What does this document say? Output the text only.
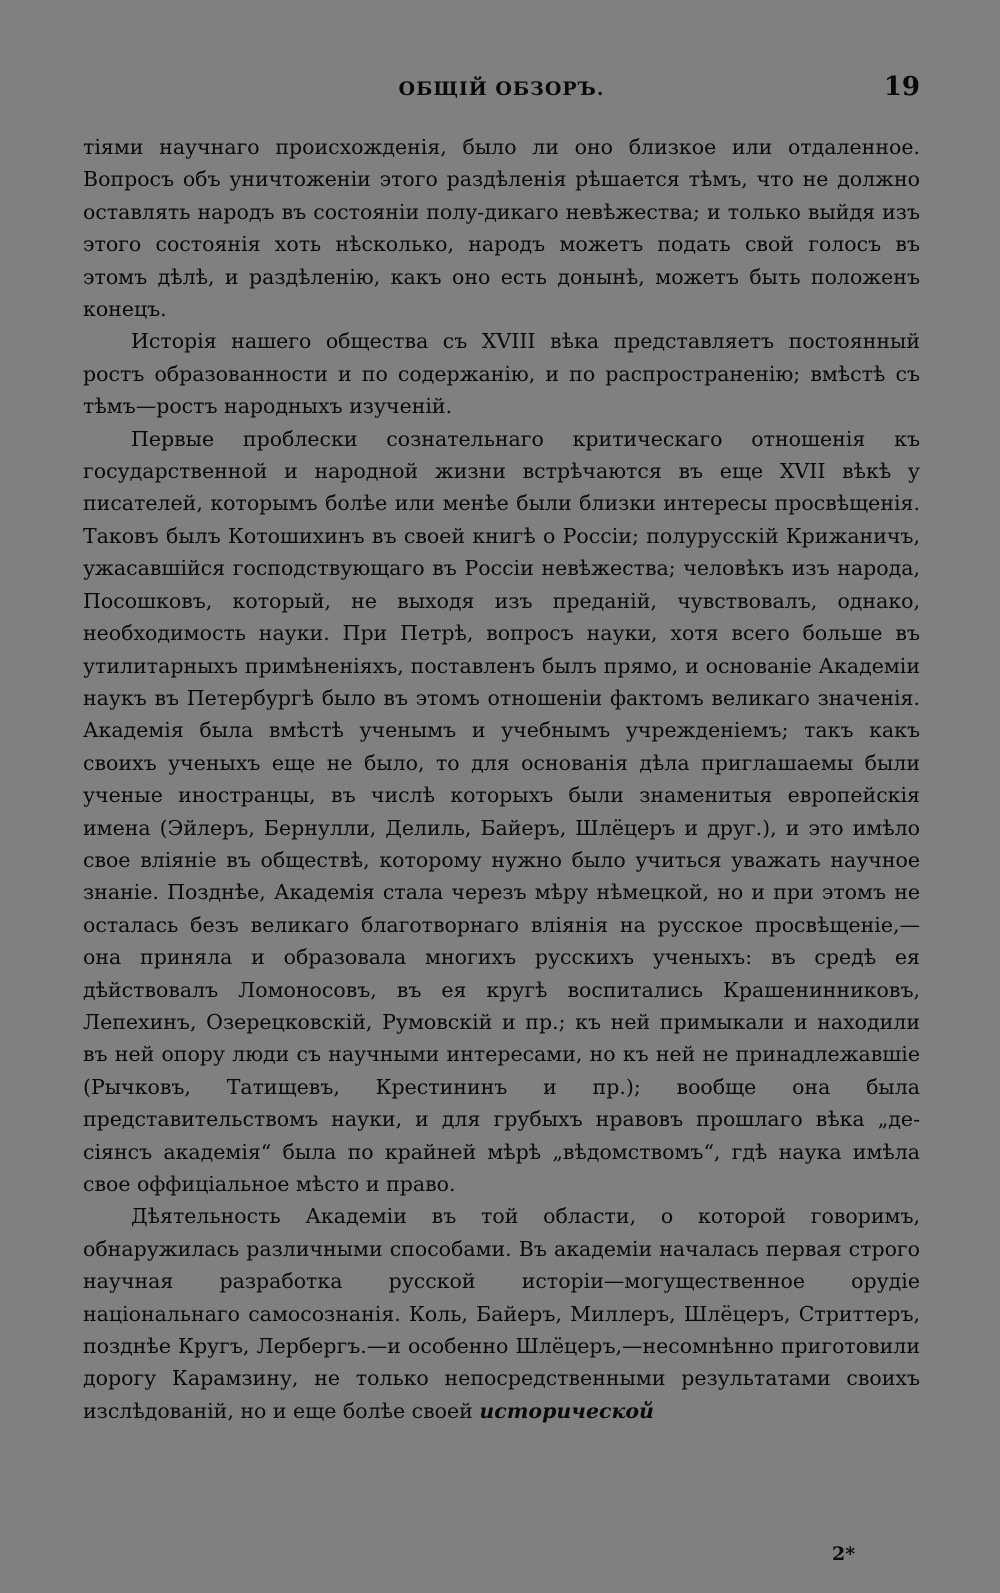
ОБЩІЙ ОБЗОРЪ.	19

тіями научнаго происхожденія, было ли оно близкое или отдаленное. Вопросъ объ уничтоженіи этого раздѣленія рѣшается тѣмъ, что не должно оставлять народъ въ состояніи полу-дикаго невѣжества; и только выйдя изъ этого состоянія хоть нѣсколько, народъ можетъ подать свой голосъ въ этомъ дѣлѣ, и раздѣленію, какъ оно есть донынѣ, можетъ быть положенъ конецъ.

Исторія нашего общества съ XVIII вѣка представляетъ постоянный ростъ образованности и по содержанію, и по распространенію; вмѣстѣ съ тѣмъ—ростъ народныхъ изученій.

Первые проблески сознательнаго критическаго отношенія къ государственной и народной жизни встрѣчаются въ еще XVII вѣкѣ у писателей, которымъ болѣе или менѣе были близки интересы просвѣщенія. Таковъ былъ Котошихинъ въ своей книгѣ о Россіи; полурусскій Крижаничъ, ужасавшійся господствующаго въ Россіи невѣжества; человѣкъ изъ народа, Посошковъ, который, не выходя изъ преданій, чувствовалъ, однако, необходимость науки. При Петрѣ, вопросъ науки, хотя всего больше въ утилитарныхъ примѣненіяхъ, поставленъ былъ прямо, и основаніе Академіи наукъ въ Петербургѣ было въ этомъ отношеніи фактомъ великаго значенія. Академія была вмѣстѣ ученымъ и учебнымъ учрежденіемъ; такъ какъ своихъ ученыхъ еще не было, то для основанія дѣла приглашаемы были ученые иностранцы, въ числѣ которыхъ были знаменитыя европейскія имена (Эйлеръ, Бернулли, Делиль, Байеръ, Шлёцеръ и друг.), и это имѣло свое вліяніе въ обществѣ, которому нужно было учиться уважать научное знаніе. Позднѣе, Академія стала черезъ мѣру нѣмецкой, но и при этомъ не осталась безъ великаго благотворнаго вліянія на русское просвѣщеніе,—она приняла и образовала многихъ русскихъ ученыхъ: въ средѣ ея дѣйствовалъ Ломоносовъ, въ ея кругѣ воспитались Крашенинниковъ, Лепехинъ, Озерецковскій, Румовскій и пр.; къ ней примыкали и находили въ ней опору люди съ научными интересами, но къ ней не принадлежавшіе (Рычковъ, Татищевъ, Крестининъ и пр.); вообще она была представительствомъ науки, и для грубыхъ нравовъ прошлаго вѣка „де-сіянсъ академія“ была по крайней мѣрѣ „вѣдомствомъ“, гдѣ наука имѣла свое оффиціальное мѣсто и право.

Дѣятельность Академіи въ той области, о которой говоримъ, обнаружилась различными способами. Въ академіи началась первая строго научная разработка русской исторіи—могущественное орудіе національнаго самосознанія. Коль, Байеръ, Миллеръ, Шлёцеръ, Стриттеръ, позднѣе Кругъ, Лербергъ.—и особенно Шлёцеръ,—несомнѣнно приготовили дорогу Карамзину, не только непосредственными результатами своихъ изслѣдованій, но и еще болѣе своей исторической

2*
